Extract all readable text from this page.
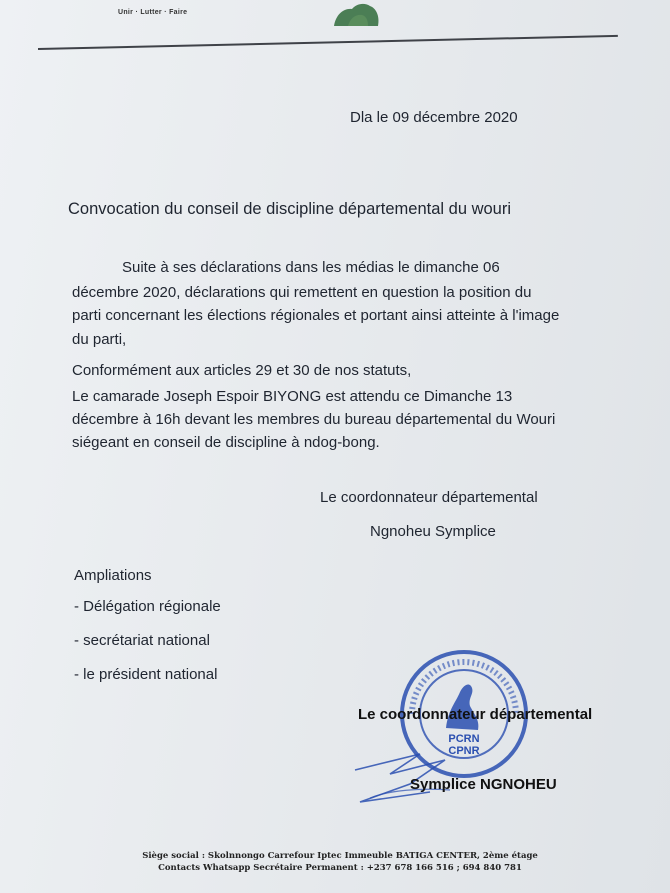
Unir · Lutter · Faire
Dla le 09 décembre 2020
Convocation du conseil de discipline départemental du wouri
Suite à ses déclarations dans les médias le dimanche 06
décembre 2020, déclarations qui remettent en question la position du
parti concernant les élections régionales et portant ainsi atteinte à l'image
du parti,
Conformément aux articles 29 et 30 de nos statuts,
Le camarade Joseph Espoir BIYONG est attendu ce Dimanche 13
décembre à 16h devant les membres du bureau départemental du Wouri
siégeant en conseil de discipline à ndog-bong.
Le coordonnateur départemental
Ngnoheu Symplice
Ampliations
- Délégation régionale
- secrétariat national
- le président national
PCRN
CPNR
Le coordonnateur départemental
Symplice NGNOHEU
Siège social : Skolnnongo Carrefour Iptec Immeuble BATIGA CENTER, 2ème étage
Contacts Whatsapp Secrétaire Permanent : +237 678 166 516 ; 694 840 781
